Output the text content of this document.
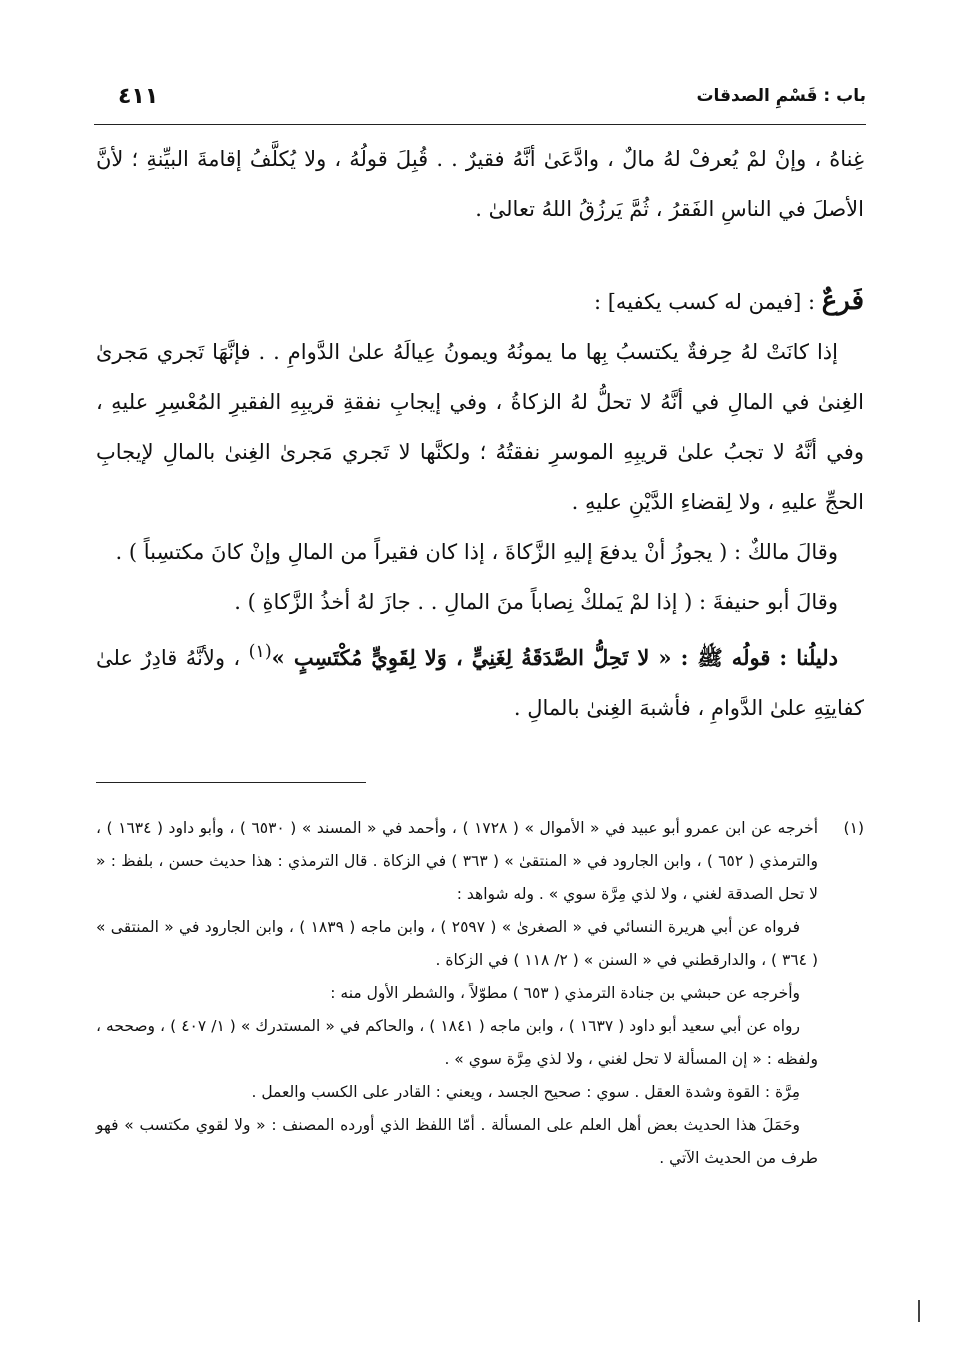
باب : قَسْمِ الصدقات
٤١١

غِناهُ ، وإنْ لمْ يُعرفْ لهُ مالٌ ، وادَّعَىٰ أنَّهُ فقيرٌ . . قُبِلَ قولُهُ ، ولا يُكلَّفُ إقامةَ البيِّنةِ ؛ لأنَّ الأصلَ في الناسِ الفَقرُ ، ثُمَّ يَرزُقُ اللهُ تعالىٰ .

فَرعٌ : [فيمن له كسب يكفيه] :

إذا كانَتْ لهُ حِرفةٌ يكتسبُ بِها ما يمونُهُ ويمونُ عِيالَهُ علىٰ الدَّوامِ . . فإنَّهَا تَجري مَجرىٰ الغِنىٰ في المالِ في أنَّهُ لا تحلُّ لهُ الزكاةُ ، وفي إيجابِ نفقةِ قريبِهِ الفقيرِ المُعْسِرِ عليهِ ، وفي أنَّهُ لا تجبُ علىٰ قريبِهِ الموسرِ نفقتُهُ ؛ ولكنَّها لا تَجري مَجرىٰ الغِنىٰ بالمالِ لإيجابِ الحجِّ عليهِ ، ولا لِقضاءِ الدَّيْنِ عليهِ .

وقالَ مالكٌ : ( يجوزُ أنْ يدفعَ إليهِ الزَّكاةَ ، إذا كان فقيراً من المالِ وإنْ كانَ مكتسِباً ) .

وقالَ أبو حنيفةَ : ( إذا لمْ يَملكْ نِصاباً منَ المالِ . . جازَ لهُ أخذُ الزَّكاةِ ) .

دليلُنا : قولُه ﷺ : « لا تَحِلُّ الصَّدَقَةُ لِغَنِيٍّ ، وَلا لِقَوِيٍّ مُكْتَسِبٍ »$^{(١)}$ ، ولأنَّهُ قادِرٌ علىٰ كفايتِهِ علىٰ الدَّوامِ ، فأشبهَ الغِنىٰ بالمالِ .

(١)
أخرجه عن ابن عمرو أبو عبيد في « الأموال » ( ١٧٢٨ ) ، وأحمد في « المسند » ( ٦٥٣٠ ) ، وأبو داود ( ١٦٣٤ ) ، والترمذي ( ٦٥٢ ) ، وابن الجارود في « المنتقىٰ » ( ٣٦٣ ) في الزكاة . قال الترمذي : هذا حديث حسن ، بلفظ : « لا تحل الصدقة لغني ، ولا لذي مِرَّة سوي » . وله شواهد :

فرواه عن أبي هريرة النسائي في « الصغرىٰ » ( ٢٥٩٧ ) ، وابن ماجه ( ١٨٣٩ ) ، وابن الجارود في « المنتقى » ( ٣٦٤ ) ، والدارقطني في « السنن » ( ٢/ ١١٨ ) في الزكاة .

وأخرجه عن حبشي بن جنادة الترمذي ( ٦٥٣ ) مطوّلاً ، والشطر الأول منه :

رواه عن أبي سعيد أبو داود ( ١٦٣٧ ) ، وابن ماجه ( ١٨٤١ ) ، والحاكم في « المستدرك » ( ١/ ٤٠٧ ) ، وصححه ، ولفظه : « إن المسألة لا تحل لغني ، ولا لذي مِرَّة سوي » .

مِرَّة : القوة وشدة العقل . سوي : صحيح الجسد ، ويعني : القادر على الكسب والعمل .

وحَمَلَ هذا الحديث بعض أهل العلم على المسألة . أمّا اللفظ الذي أورده المصنف : « ولا لقوي مكتسب » فهو طرف من الحديث الآتي .
